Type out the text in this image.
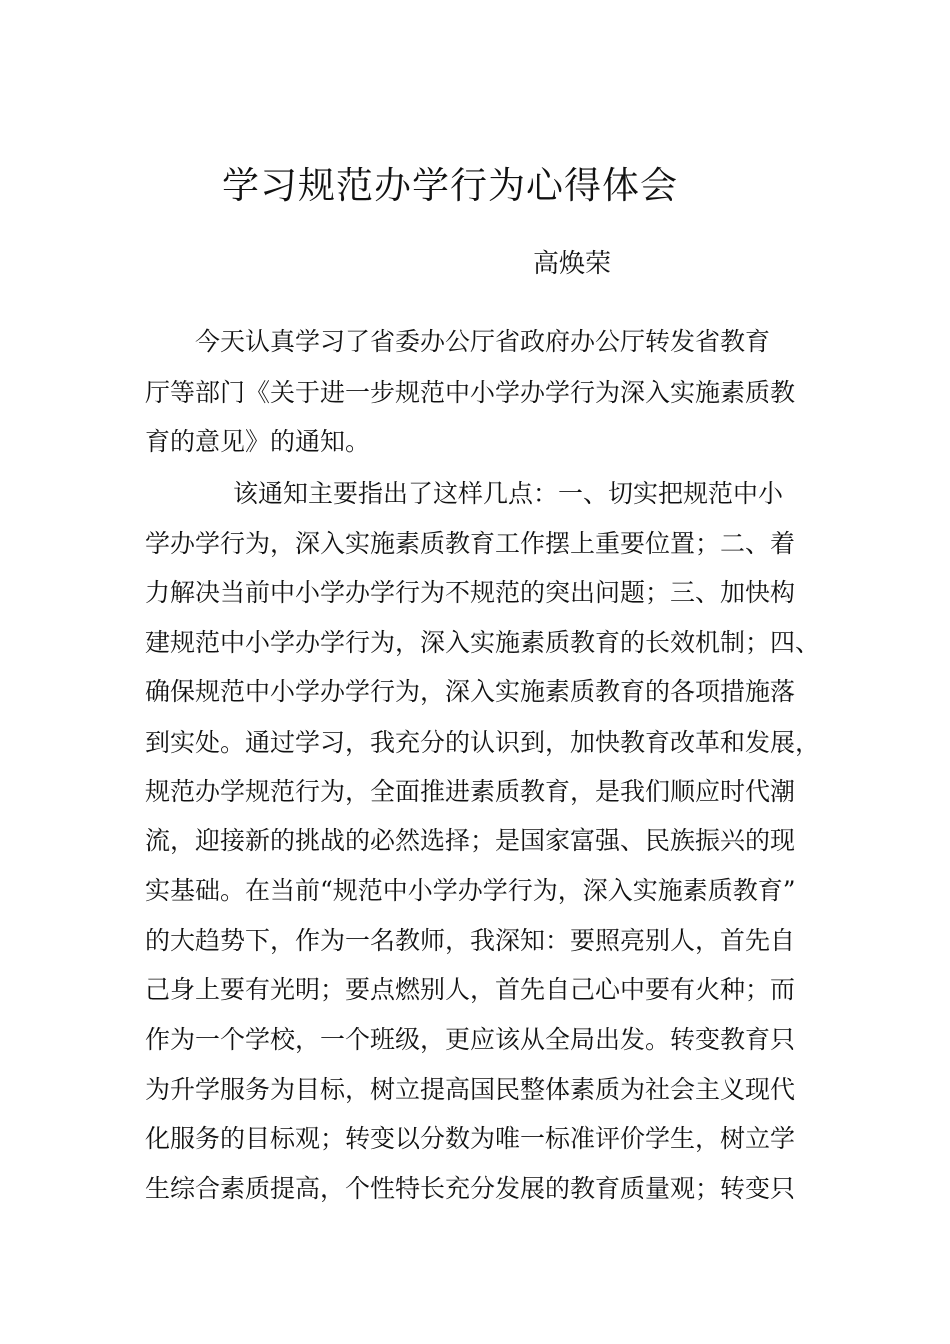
学习规范办学行为心得体会
高焕荣
今天认真学习了省委办公厅省政府办公厅转发省教育
厅等部门《关于进一步规范中小学办学行为深入实施素质教
育的意见》的通知。
该通知主要指出了这样几点：一、切实把规范中小
学办学行为，深入实施素质教育工作摆上重要位置；二、着
力解决当前中小学办学行为不规范的突出问题；三、加快构
建规范中小学办学行为，深入实施素质教育的长效机制；四、
确保规范中小学办学行为，深入实施素质教育的各项措施落
到实处。通过学习，我充分的认识到，加快教育改革和发展，
规范办学规范行为，全面推进素质教育，是我们顺应时代潮
流，迎接新的挑战的必然选择；是国家富强、民族振兴的现
实基础。在当前“规范中小学办学行为，深入实施素质教育”
的大趋势下，作为一名教师，我深知：要照亮别人，首先自
己身上要有光明；要点燃别人，首先自己心中要有火种；而
作为一个学校，一个班级，更应该从全局出发。转变教育只
为升学服务为目标，树立提高国民整体素质为社会主义现代
化服务的目标观；转变以分数为唯一标准评价学生，树立学
生综合素质提高，个性特长充分发展的教育质量观；转变只
